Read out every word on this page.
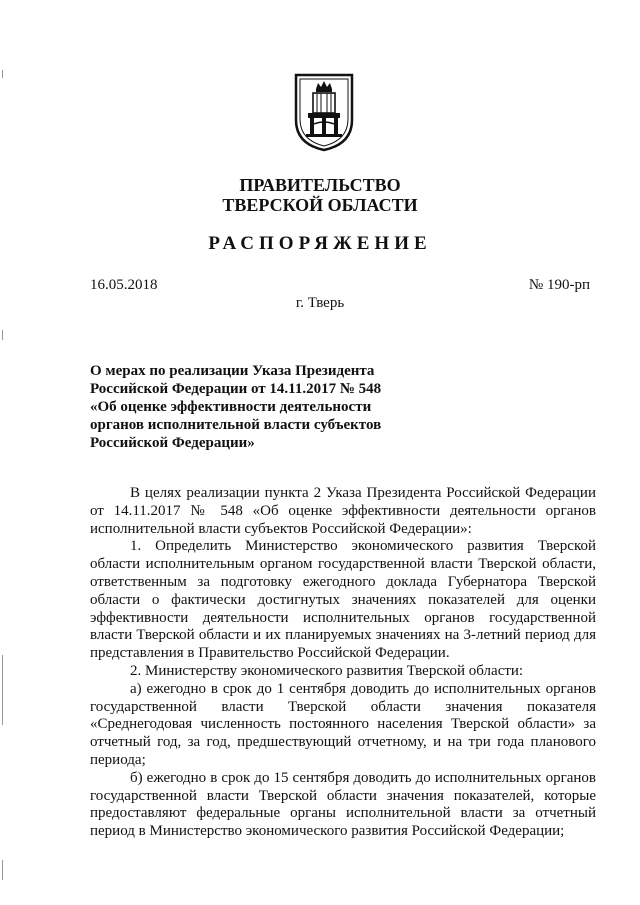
ПРАВИТЕЛЬСТВО
ТВЕРСКОЙ ОБЛАСТИ
РАСПОРЯЖЕНИЕ
16.05.2018	№ 190-рп
г. Тверь
О мерах по реализации Указа Президента
Российской Федерации от 14.11.2017 № 548
«Об оценке эффективности деятельности
органов исполнительной власти субъектов
Российской Федерации»

В целях реализации пункта 2 Указа Президента Российской Федерации от 14.11.2017 № 548 «Об оценке эффективности деятельности органов исполнительной власти субъектов Российской Федерации»:

1. Определить Министерство экономического развития Тверской области исполнительным органом государственной власти Тверской области, ответственным за подготовку ежегодного доклада Губернатора Тверской области о фактически достигнутых значениях показателей для оценки эффективности деятельности исполнительных органов государственной власти Тверской области и их планируемых значениях на 3-летний период для представления в Правительство Российской Федерации.

2. Министерству экономического развития Тверской области:

а) ежегодно в срок до 1 сентября доводить до исполнительных органов государственной власти Тверской области значения показателя «Среднегодовая численность постоянного населения Тверской области» за отчетный год, за год, предшествующий отчетному, и на три года планового периода;

б) ежегодно в срок до 15 сентября доводить до исполнительных органов государственной власти Тверской области значения показателей, которые предоставляют федеральные органы исполнительной власти за отчетный период в Министерство экономического развития Российской Федерации;
